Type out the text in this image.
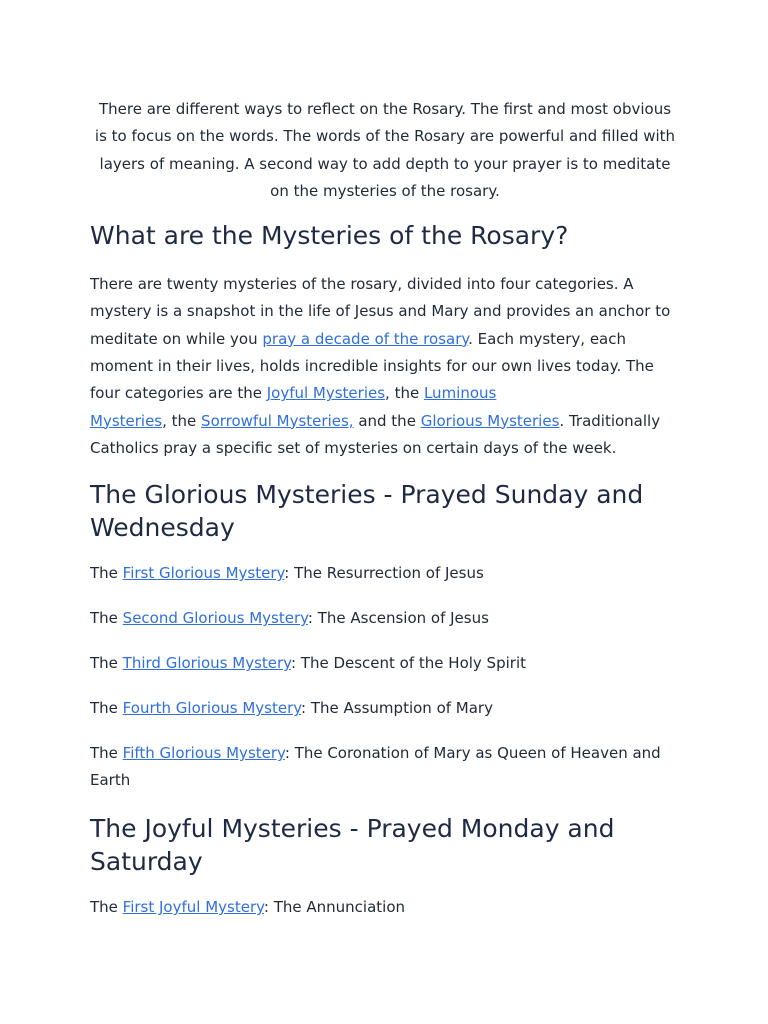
There are different ways to reflect on the Rosary. The first and most obvious is to focus on the words. The words of the Rosary are powerful and filled with layers of meaning. A second way to add depth to your prayer is to meditate on the mysteries of the rosary.

What are the Mysteries of the Rosary?

There are twenty mysteries of the rosary, divided into four categories. A mystery is a snapshot in the life of Jesus and Mary and provides an anchor to meditate on while you pray a decade of the rosary. Each mystery, each moment in their lives, holds incredible insights for our own lives today. The four categories are the Joyful Mysteries, the Luminous
Mysteries, the Sorrowful Mysteries, and the Glorious Mysteries. Traditionally Catholics pray a specific set of mysteries on certain days of the week.

The Glorious Mysteries - Prayed Sunday and Wednesday

The First Glorious Mystery: The Resurrection of Jesus

The Second Glorious Mystery: The Ascension of Jesus

The Third Glorious Mystery: The Descent of the Holy Spirit

The Fourth Glorious Mystery: The Assumption of Mary

The Fifth Glorious Mystery: The Coronation of Mary as Queen of Heaven and Earth

The Joyful Mysteries - Prayed Monday and Saturday

The First Joyful Mystery: The Annunciation
